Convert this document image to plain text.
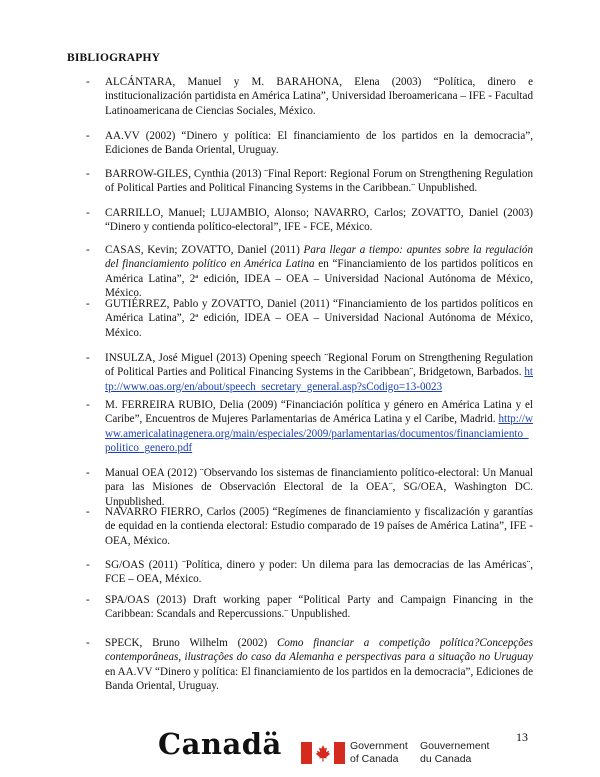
BIBLIOGRAPHY
- ALCÁNTARA, Manuel y M. BARAHONA, Elena (2003) “Política, dinero e institucionalización partidista en América Latina”, Universidad Iberoamericana – IFE - Facultad Latinoamericana de Ciencias Sociales, México.
- AA.VV (2002) “Dinero y política: El financiamiento de los partidos en la democracia”, Ediciones de Banda Oriental, Uruguay.
- BARROW-GILES, Cynthia (2013) ¨Final Report: Regional Forum on Strengthening Regulation of Political Parties and Political Financing Systems in the Caribbean.¨ Unpublished.
- CARRILLO, Manuel; LUJAMBIO, Alonso; NAVARRO, Carlos; ZOVATTO, Daniel (2003) “Dinero y contienda político-electoral”, IFE - FCE, México.
- CASAS, Kevin; ZOVATTO, Daniel (2011) Para llegar a tiempo: apuntes sobre la regulación del financiamiento político en América Latina en “Financiamiento de los partidos políticos en América Latina”, 2ª edición, IDEA – OEA – Universidad Nacional Autónoma de México, México.
- GUTIÉRREZ, Pablo y ZOVATTO, Daniel (2011) “Financiamiento de los partidos políticos en América Latina”, 2ª edición, IDEA – OEA – Universidad Nacional Autónoma de México, México.
- INSULZA, José Miguel (2013) Opening speech ¨Regional Forum on Strengthening Regulation of Political Parties and Political Financing Systems in the Caribbean¨, Bridgetown, Barbados. http://www.oas.org/en/about/speech_secretary_general.asp?sCodigo=13-0023
- M. FERREIRA RUBIO, Delia (2009) “Financiación política y género en América Latina y el Caribe”, Encuentros de Mujeres Parlamentarias de América Latina y el Caribe, Madrid. http://www.americalatinagenera.org/main/especiales/2009/parlamentarias/documentos/financiamiento_politico_genero.pdf
- Manual OEA (2012) ¨Observando los sistemas de financiamiento político-electoral: Un Manual para las Misiones de Observación Electoral de la OEA¨, SG/OEA, Washington DC. Unpublished.
- NAVARRO FIERRO, Carlos (2005) “Regímenes de financiamiento y fiscalización y garantías de equidad en la contienda electoral: Estudio comparado de 19 países de América Latina”, IFE - OEA, México.
- SG/OAS (2011) ¨Política, dinero y poder: Un dilema para las democracias de las Américas¨, FCE – OEA, México.
- SPA/OAS (2013) Draft working paper “Political Party and Campaign Financing in the Caribbean: Scandals and Repercussions.¨ Unpublished.
- SPECK, Bruno Wilhelm (2002) Como financiar a competição política?Concepções contemporâneas, ilustrações do caso da Alemanha e perspectivas para a situação no Uruguay en AA.VV “Dinero y política: El financiamiento de los partidos en la democracia”, Ediciones de Banda Oriental, Uruguay.
13
Canadä	Government
of Canada
Gouvernement
du Canada
